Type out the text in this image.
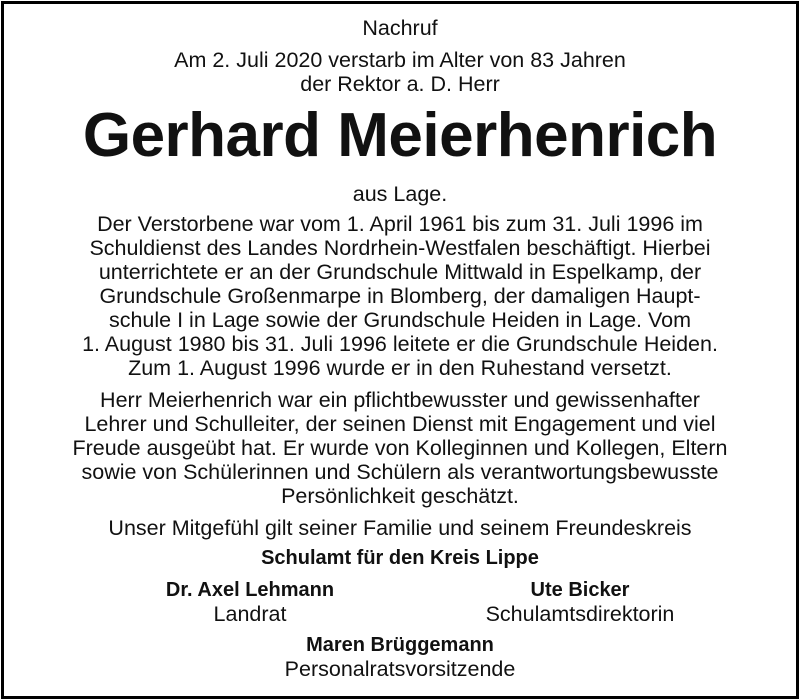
Nachruf
Am 2. Juli 2020 verstarb im Alter von 83 Jahren
der Rektor a. D. Herr
Gerhard Meierhenrich
aus Lage.
Der Verstorbene war vom 1. April 1961 bis zum 31. Juli 1996 im
Schuldienst des Landes Nordrhein-Westfalen beschäftigt. Hierbei
unterrichtete er an der Grundschule Mittwald in Espelkamp, der
Grundschule Großenmarpe in Blomberg, der damaligen Haupt-
schule I in Lage sowie der Grundschule Heiden in Lage. Vom
1. August 1980 bis 31. Juli 1996 leitete er die Grundschule Heiden.
Zum 1. August 1996 wurde er in den Ruhestand versetzt.
Herr Meierhenrich war ein pflichtbewusster und gewissenhafter
Lehrer und Schulleiter, der seinen Dienst mit Engagement und viel
Freude ausgeübt hat. Er wurde von Kolleginnen und Kollegen, Eltern
sowie von Schülerinnen und Schülern als verantwortungsbewusste
Persönlichkeit geschätzt.
Unser Mitgefühl gilt seiner Familie und seinem Freundeskreis
Schulamt für den Kreis Lippe
Dr. Axel Lehmann
Landrat
Ute Bicker
Schulamtsdirektorin
Maren Brüggemann
Personalratsvorsitzende
